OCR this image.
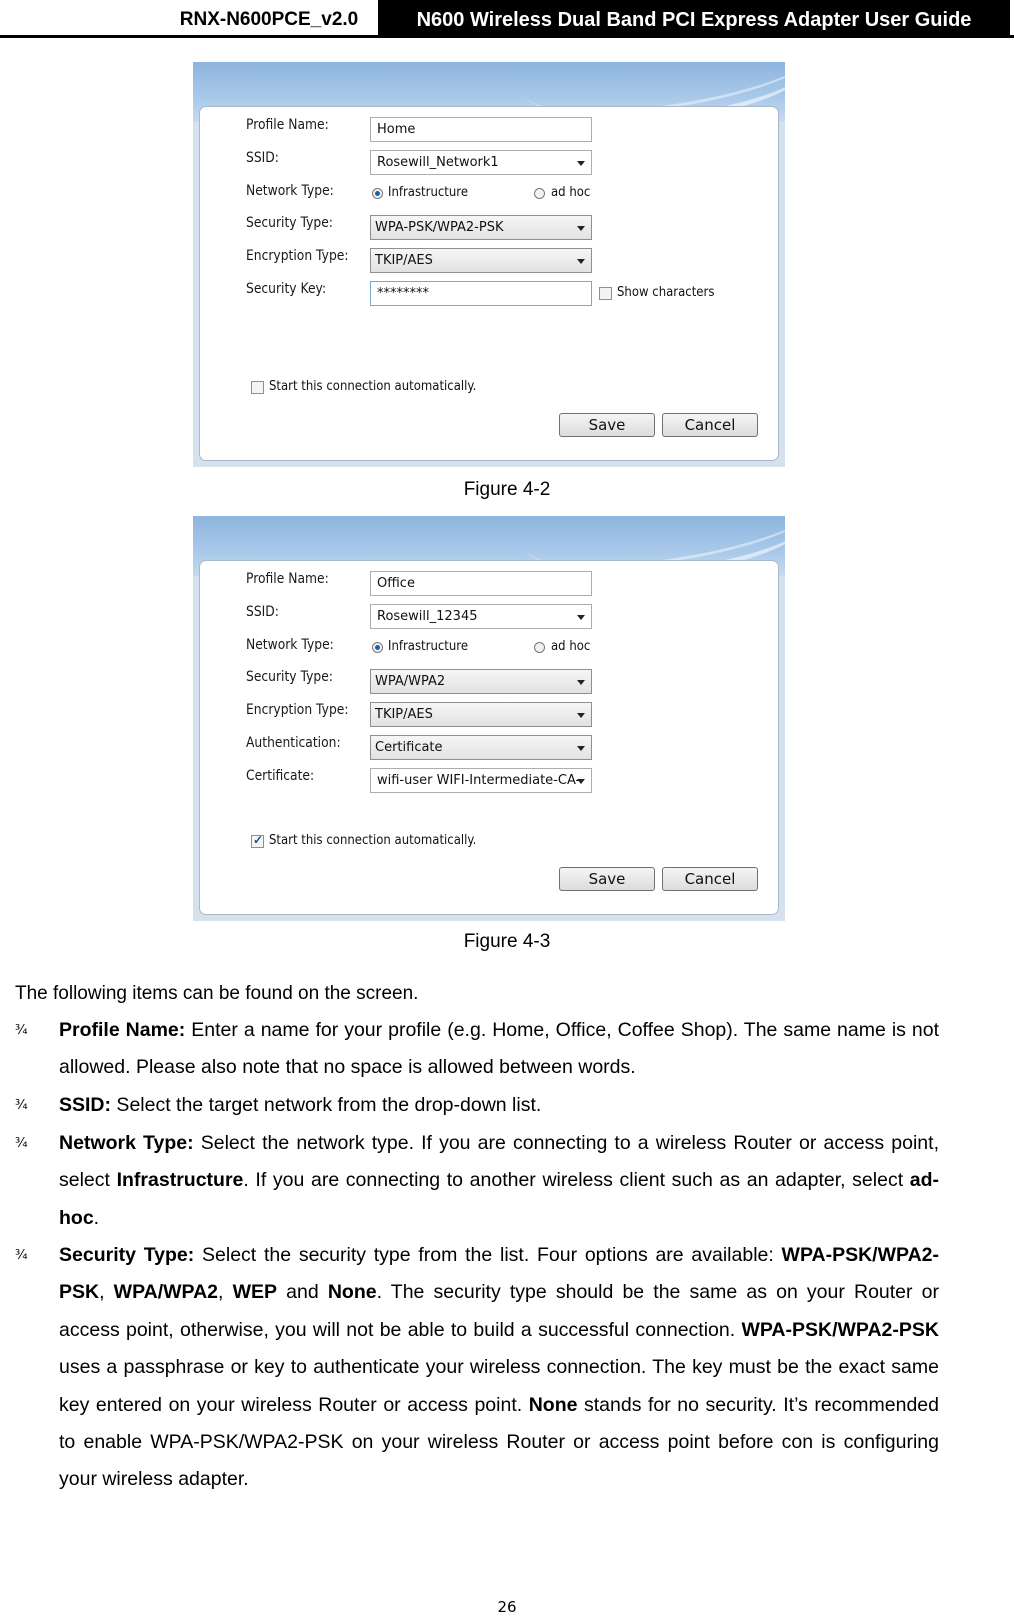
RNX-N600PCE_v2.0	N600 Wireless Dual Band PCI Express Adapter User Guide
Profile Name:	Home
SSID:	Rosewill_Network1
Network Type:	Infrastructure	ad hoc
Security Type:	WPA-PSK/WPA2-PSK
Encryption Type:	TKIP/AES
Security Key:	********	Show characters
Start this connection automatically.
Save	Cancel
Figure 4-2
Profile Name:	Office
SSID:	Rosewill_12345
Network Type:	Infrastructure	ad hoc
Security Type:	WPA/WPA2
Encryption Type:	TKIP/AES
Authentication:	Certificate
Certificate:	wifi-user WIFI-Intermediate-CA-
✓
Start this connection automatically.
Save	Cancel
Figure 4-3
The following items can be found on the screen.
¾ Profile Name: Enter a name for your profile (e.g. Home, Office, Coffee Shop). The same name is not allowed. Please also note that no space is allowed between words.
¾ SSID: Select the target network from the drop-down list.
¾ Network Type: Select the network type. If you are connecting to a wireless Router or access point, select Infrastructure. If you are connecting to another wireless client such as an adapter, select ad-hoc.
¾ Security Type: Select the security type from the list. Four options are available: WPA-PSK/WPA2-PSK, WPA/WPA2, WEP and None. The security type should be the same as on your Router or access point, otherwise, you will not be able to build a successful connection. WPA-PSK/WPA2-PSK uses a passphrase or key to authenticate your wireless connection. The key must be the exact same key entered on your wireless Router or access point. None stands for no security. It’s recommended to enable WPA-PSK/WPA2-PSK on your wireless Router or access point before con is configuring your wireless adapter.
26
